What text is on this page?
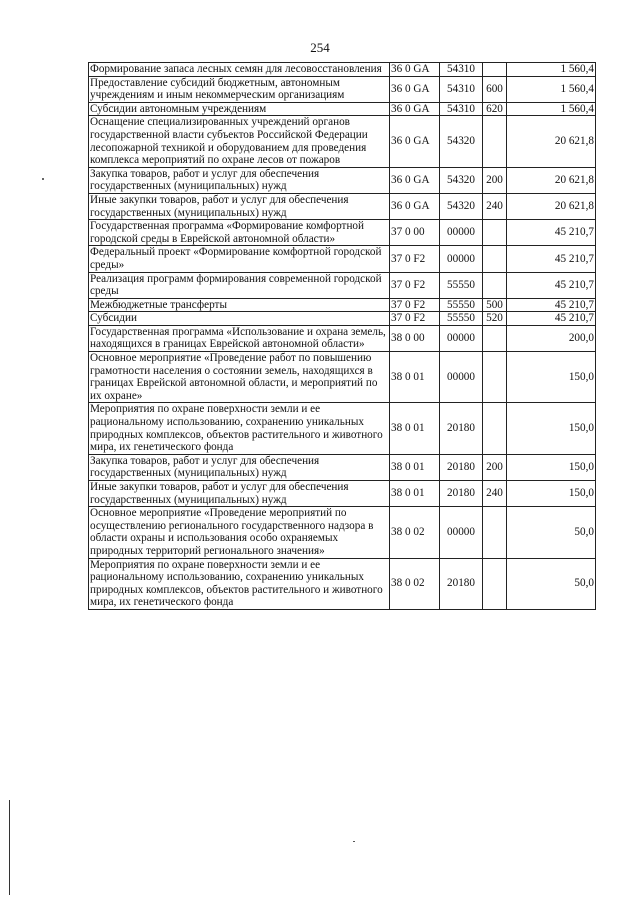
254
Формирование запаса лесных семян для лесовосстановления	36 0 GA	54310		1 560,4
Предоставление субсидий бюджетным, автономным учреждениям и иным некоммерческим организациям	36 0 GA	54310	600	1 560,4
Субсидии автономным учреждениям	36 0 GA	54310	620	1 560,4
Оснащение специализированных учреждений органов государственной власти субъектов Российской Федерации лесопожарной техникой и оборудованием для проведения комплекса мероприятий по охране лесов от пожаров	36 0 GA	54320		20 621,8
Закупка товаров, работ и услуг для обеспечения государственных (муниципальных) нужд	36 0 GA	54320	200	20 621,8
Иные закупки товаров, работ и услуг для обеспечения государственных (муниципальных) нужд	36 0 GA	54320	240	20 621,8
Государственная программа «Формирование комфортной городской среды в Еврейской автономной области»	37 0 00	00000		45 210,7
Федеральный проект «Формирование комфортной городской среды»	37 0 F2	00000		45 210,7
Реализация программ формирования современной городской среды	37 0 F2	55550		45 210,7
Межбюджетные трансферты	37 0 F2	55550	500	45 210,7
Субсидии	37 0 F2	55550	520	45 210,7
Государственная программа «Использование и охрана земель, находящихся в границах Еврейской автономной области»	38 0 00	00000		200,0
Основное мероприятие «Проведение работ по повышению грамотности населения о состоянии земель, находящихся в границах Еврейской автономной области, и мероприятий по их охране»	38 0 01	00000		150,0
Мероприятия по охране поверхности земли и ее рациональному использованию, сохранению уникальных природных комплексов, объектов растительного и животного мира, их генетического фонда	38 0 01	20180		150,0
Закупка товаров, работ и услуг для обеспечения государственных (муниципальных) нужд	38 0 01	20180	200	150,0
Иные закупки товаров, работ и услуг для обеспечения государственных (муниципальных) нужд	38 0 01	20180	240	150,0
Основное мероприятие «Проведение мероприятий по осуществлению регионального государственного надзора в области охраны и использования особо охраняемых природных территорий регионального значения»	38 0 02	00000		50,0
Мероприятия по охране поверхности земли и ее рациональному использованию, сохранению уникальных природных комплексов, объектов растительного и животного мира, их генетического фонда	38 0 02	20180		50,0
